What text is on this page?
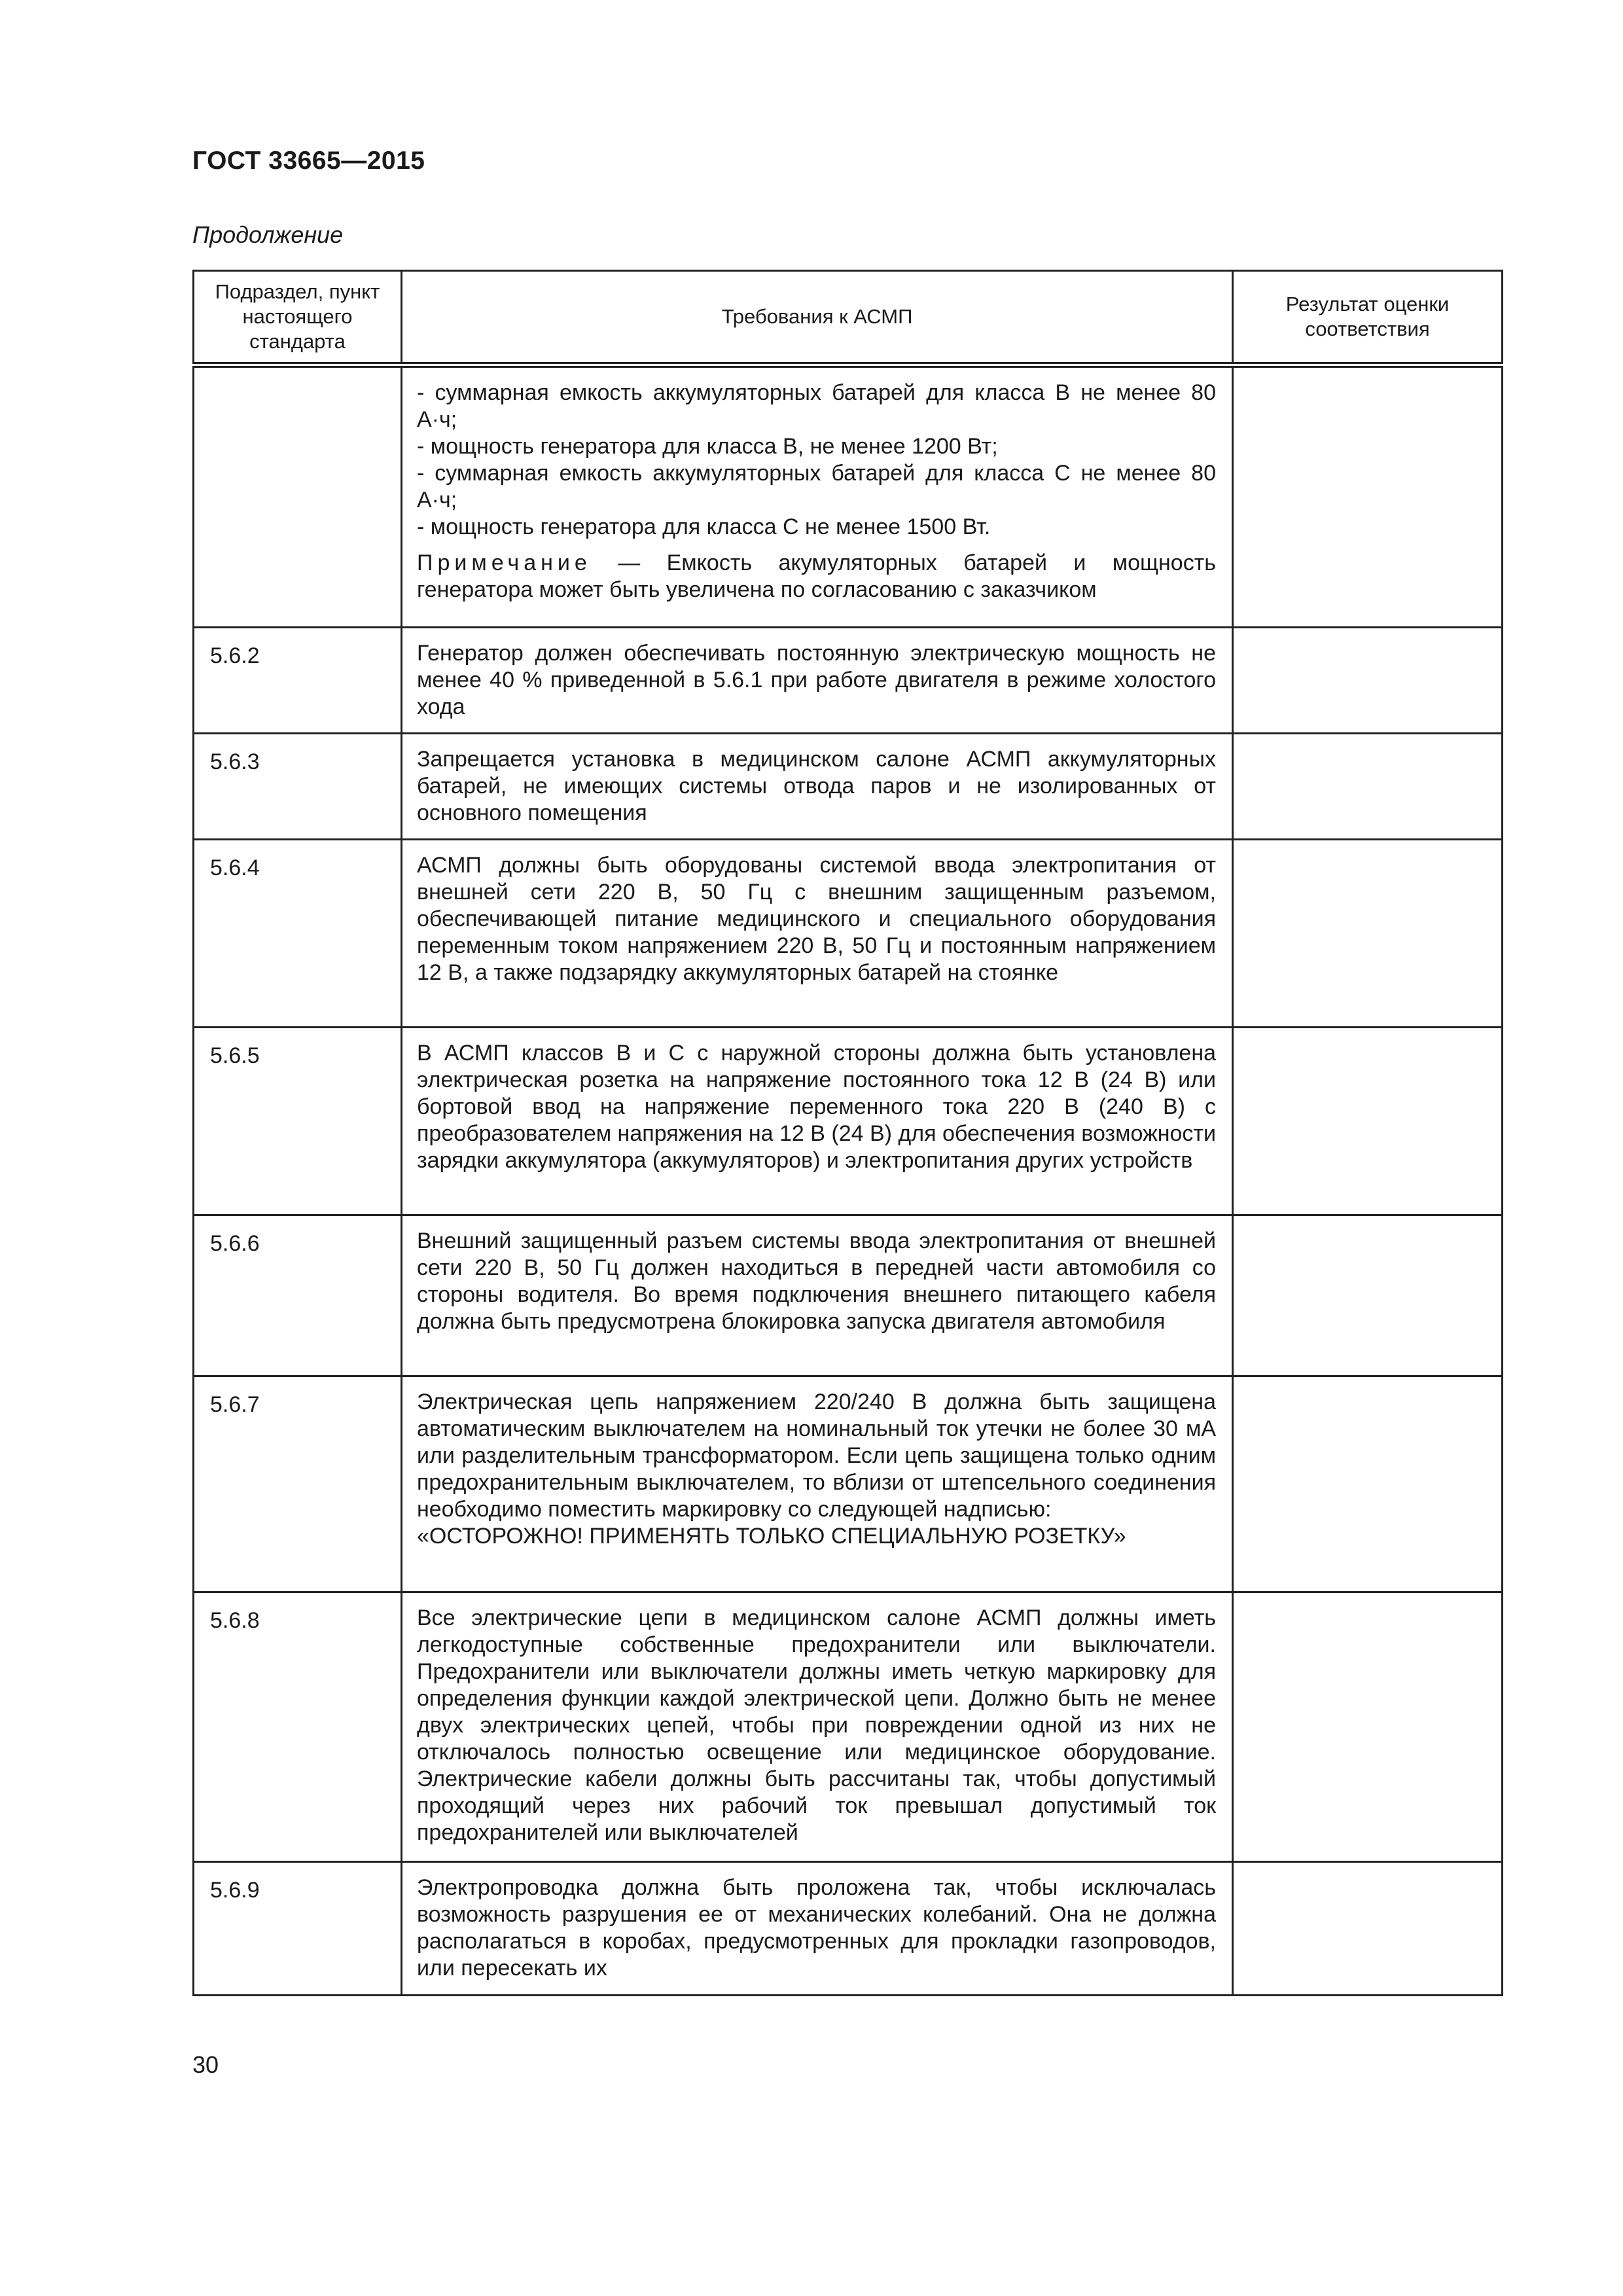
ГОСТ 33665—2015
Продолжение
Подраздел, пункт настоящего стандарта	Требования к АСМП	Результат оценки соответствия

	- суммарная емкость аккумуляторных батарей для класса В не менее 80 А·ч;
- мощность генератора для класса В, не менее 1200 Вт;
- суммарная емкость аккумуляторных батарей для класса С не менее 80 А·ч;
- мощность генератора для класса С не менее 1500 Вт.
Примечание — Емкость акумуляторных батарей и мощность генератора может быть увеличена по согласованию с заказчиком	

5.6.2	Генератор должен обеспечивать постоянную электрическую мощность не менее 40 % приведенной в 5.6.1 при работе двигателя в режиме холостого хода	
5.6.3	Запрещается установка в медицинском салоне АСМП аккумуляторных батарей, не имеющих системы отвода паров и не изолированных от основного помещения	
5.6.4	АСМП должны быть оборудованы системой ввода электропитания от внешней сети 220 В, 50 Гц с внешним защищенным разъемом, обеспечивающей питание медицинского и специального оборудования переменным током напряжением 220 В, 50 Гц и постоянным напряжением 12 В, а также подзарядку аккумуляторных батарей на стоянке	
5.6.5	В АСМП классов В и С с наружной стороны должна быть установлена электрическая розетка на напряжение постоянного тока 12 В (24 В) или бортовой ввод на напряжение переменного тока 220 В (240 В) с преобразователем напряжения на 12 В (24 В) для обеспечения возможности зарядки аккумулятора (аккумуляторов) и электропитания других устройств	
5.6.6	Внешний защищенный разъем системы ввода электропитания от внешней сети 220 В, 50 Гц должен находиться в передней части автомобиля со стороны водителя. Во время подключения внешнего питающего кабеля должна быть предусмотрена блокировка запуска двигателя автомобиля	
5.6.7	Электрическая цепь напряжением 220/240 В должна быть защищена автоматическим выключателем на номинальный ток утечки не более 30 мА или разделительным трансформатором. Если цепь защищена только одним предохранительным выключателем, то вблизи от штепсельного соединения необходимо поместить маркировку со следующей надписью:
«ОСТОРОЖНО! ПРИМЕНЯТЬ ТОЛЬКО СПЕЦИАЛЬНУЮ РОЗЕТКУ»	

5.6.8	Все электрические цепи в медицинском салоне АСМП должны иметь легкодоступные собственные предохранители или выключатели. Предохранители или выключатели должны иметь четкую маркировку для определения функции каждой электрической цепи. Должно быть не менее двух электрических цепей, чтобы при повреждении одной из них не отключалось полностью освещение или медицинское оборудование. Электрические кабели должны быть рассчитаны так, чтобы допустимый проходящий через них рабочий ток превышал допустимый ток предохранителей или выключателей	
5.6.9	Электропроводка должна быть проложена так, чтобы исключалась возможность разрушения ее от механических колебаний. Она не должна располагаться в коробах, предусмотренных для прокладки газопроводов, или пересекать их	
30
